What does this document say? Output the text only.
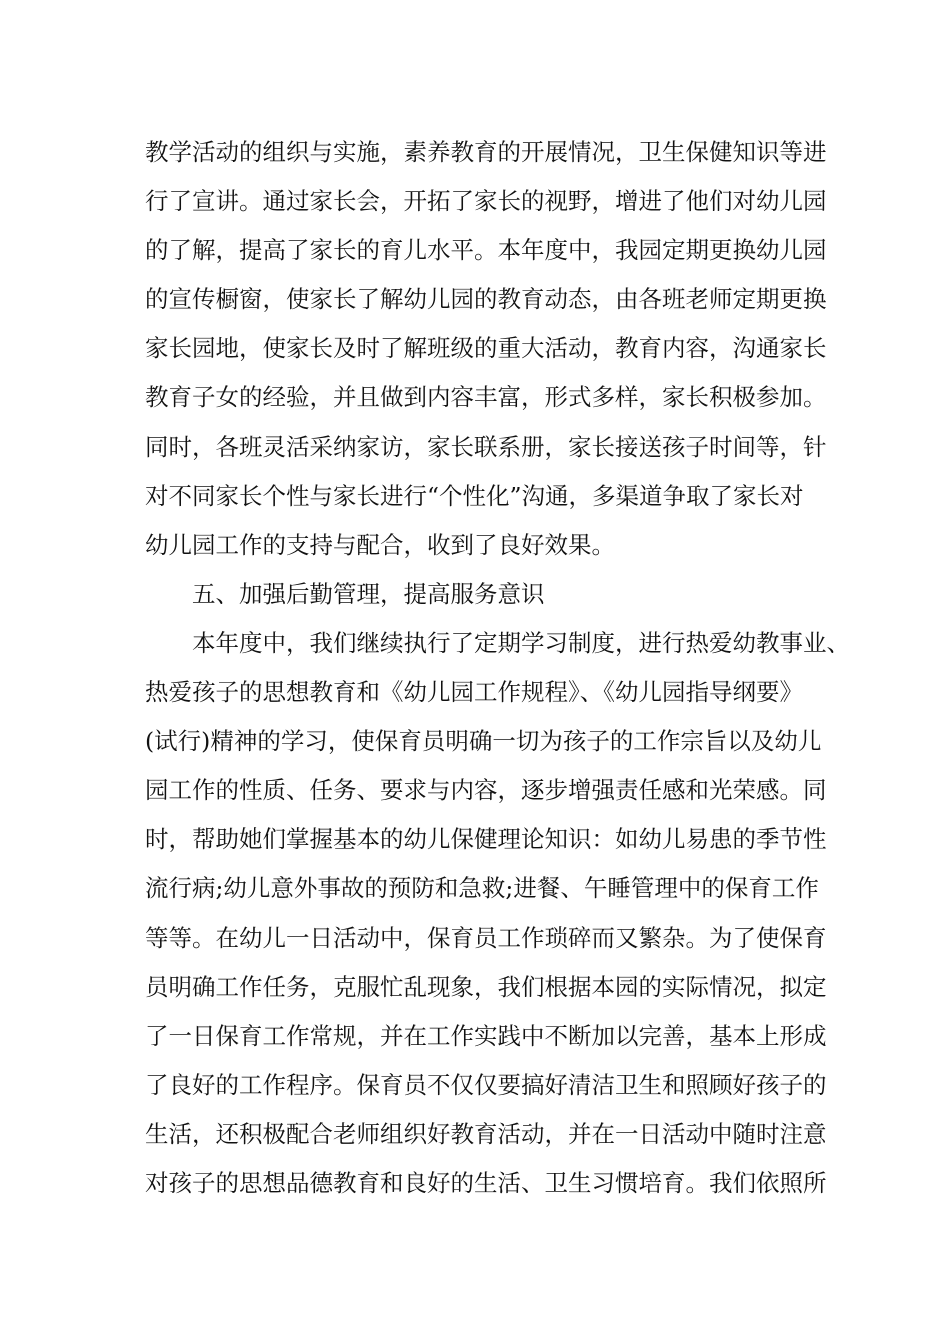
教学活动的组织与实施，素养教育的开展情况，卫生保健知识等进
行了宣讲。通过家长会，开拓了家长的视野，增进了他们对幼儿园
的了解，提高了家长的育儿水平。本年度中，我园定期更换幼儿园
的宣传橱窗，使家长了解幼儿园的教育动态，由各班老师定期更换
家长园地，使家长及时了解班级的重大活动，教育内容，沟通家长
教育子女的经验，并且做到内容丰富，形式多样，家长积极参加。
同时，各班灵活采纳家访，家长联系册，家长接送孩子时间等，针
对不同家长个性与家长进行“个性化”沟通，多渠道争取了家长对
幼儿园工作的支持与配合，收到了良好效果。
五、加强后勤管理，提高服务意识
本年度中，我们继续执行了定期学习制度，进行热爱幼教事业、
热爱孩子的思想教育和《幼儿园工作规程》、《幼儿园指导纲要》
(试行)精神的学习，使保育员明确一切为孩子的工作宗旨以及幼儿
园工作的性质、任务、要求与内容，逐步增强责任感和光荣感。同
时，帮助她们掌握基本的幼儿保健理论知识：如幼儿易患的季节性
流行病;幼儿意外事故的预防和急救;进餐、午睡管理中的保育工作
等等。在幼儿一日活动中，保育员工作琐碎而又繁杂。为了使保育
员明确工作任务，克服忙乱现象，我们根据本园的实际情况，拟定
了一日保育工作常规，并在工作实践中不断加以完善，基本上形成
了良好的工作程序。保育员不仅仅要搞好清洁卫生和照顾好孩子的
生活，还积极配合老师组织好教育活动，并在一日活动中随时注意
对孩子的思想品德教育和良好的生活、卫生习惯培育。我们依照所
